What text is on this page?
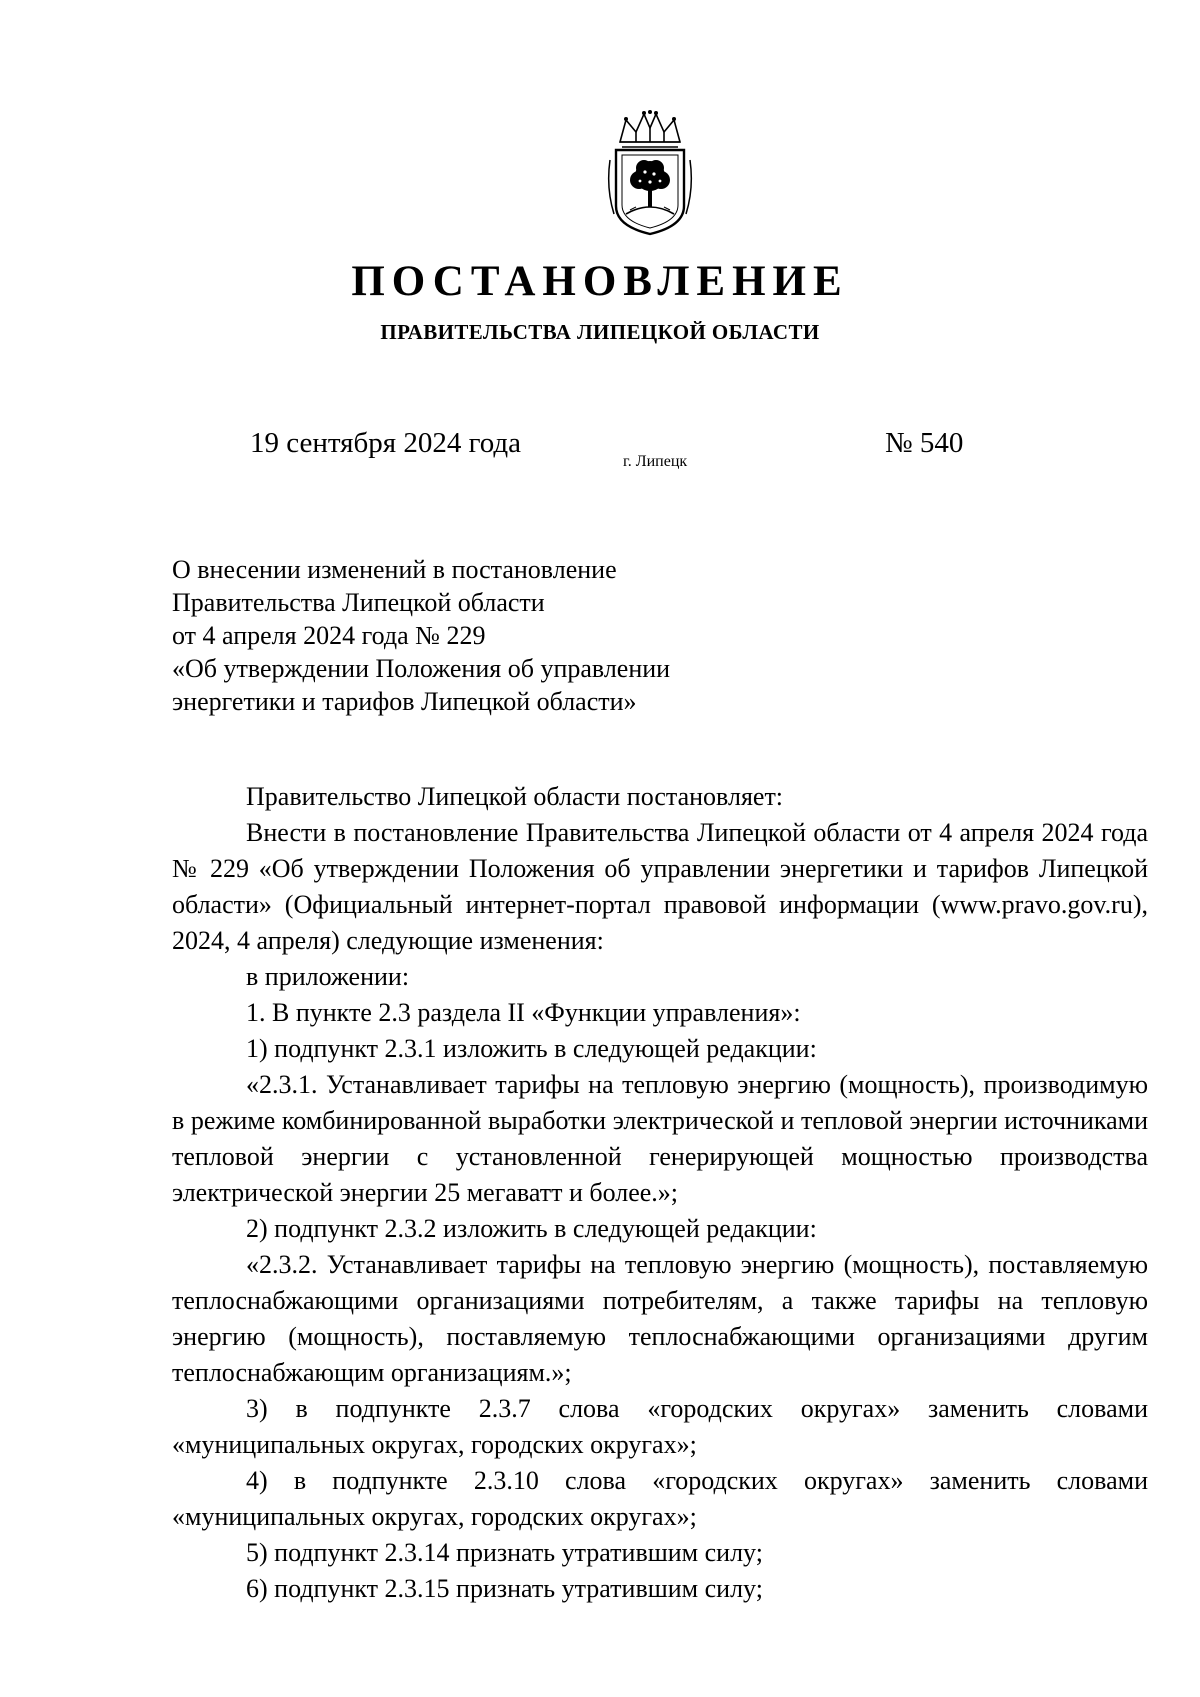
ПОСТАНОВЛЕНИЕ
ПРАВИТЕЛЬСТВА ЛИПЕЦКОЙ ОБЛАСТИ
19 сентября 2024 года
г. Липецк
№ 540
О внесении изменений в постановление
Правительства Липецкой области
от 4 апреля 2024 года № 229
«Об утверждении Положения об управлении
энергетики и тарифов Липецкой области»

Правительство Липецкой области постановляет:

Внести в постановление Правительства Липецкой области от 4 апреля 2024 года № 229 «Об утверждении Положения об управлении энергетики и тарифов Липецкой области» (Официальный интернет-портал правовой информации (www.pravo.gov.ru), 2024, 4 апреля) следующие изменения:

в приложении:

1. В пункте 2.3 раздела II «Функции управления»:

1) подпункт 2.3.1 изложить в следующей редакции:

«2.3.1. Устанавливает тарифы на тепловую энергию (мощность), производимую в режиме комбинированной выработки электрической и тепловой энергии источниками тепловой энергии с установленной генерирующей мощностью производства электрической энергии 25 мегаватт и более.»;

2) подпункт 2.3.2 изложить в следующей редакции:

«2.3.2. Устанавливает тарифы на тепловую энергию (мощность), поставляемую теплоснабжающими организациями потребителям, а также тарифы на тепловую энергию (мощность), поставляемую теплоснабжающими организациями другим теплоснабжающим организациям.»;

3) в подпункте 2.3.7 слова «городских округах» заменить словами «муниципальных округах, городских округах»;

4) в подпункте 2.3.10 слова «городских округах» заменить словами «муниципальных округах, городских округах»;

5) подпункт 2.3.14 признать утратившим силу;

6) подпункт 2.3.15 признать утратившим силу;
